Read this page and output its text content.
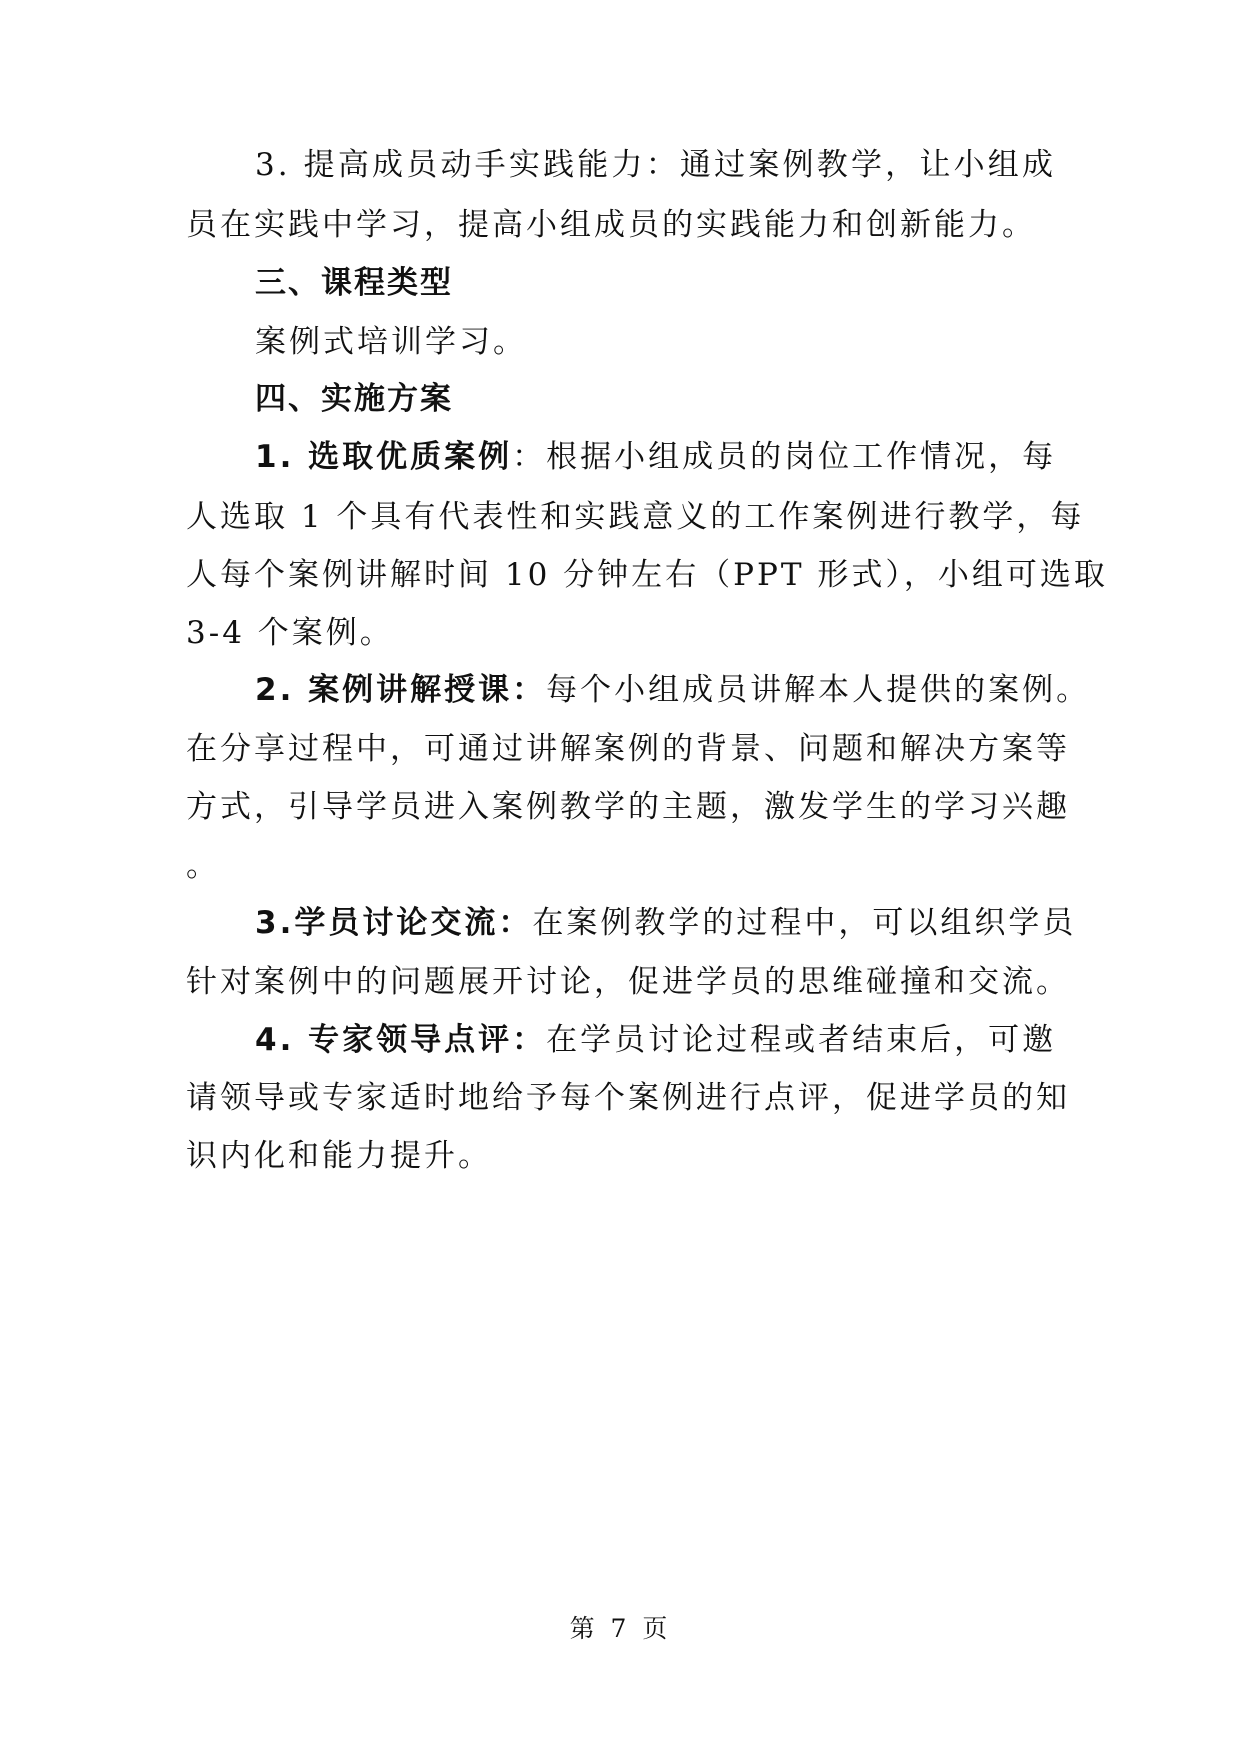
3. 提高成员动手实践能力：通过案例教学，让小组成
员在实践中学习，提高小组成员的实践能力和创新能力。
三、课程类型
案例式培训学习。
四、实施方案
1. 选取优质案例：根据小组成员的岗位工作情况，每
人选取 1 个具有代表性和实践意义的工作案例进行教学，每
人每个案例讲解时间 10 分钟左右（PPT 形式），小组可选取
3-4 个案例。
2. 案例讲解授课：每个小组成员讲解本人提供的案例。
在分享过程中，可通过讲解案例的背景、问题和解决方案等
方式，引导学员进入案例教学的主题，激发学生的学习兴趣
。
3.学员讨论交流：在案例教学的过程中，可以组织学员
针对案例中的问题展开讨论，促进学员的思维碰撞和交流。
4. 专家领导点评：在学员讨论过程或者结束后，可邀
请领导或专家适时地给予每个案例进行点评，促进学员的知
识内化和能力提升。
第 7 页
